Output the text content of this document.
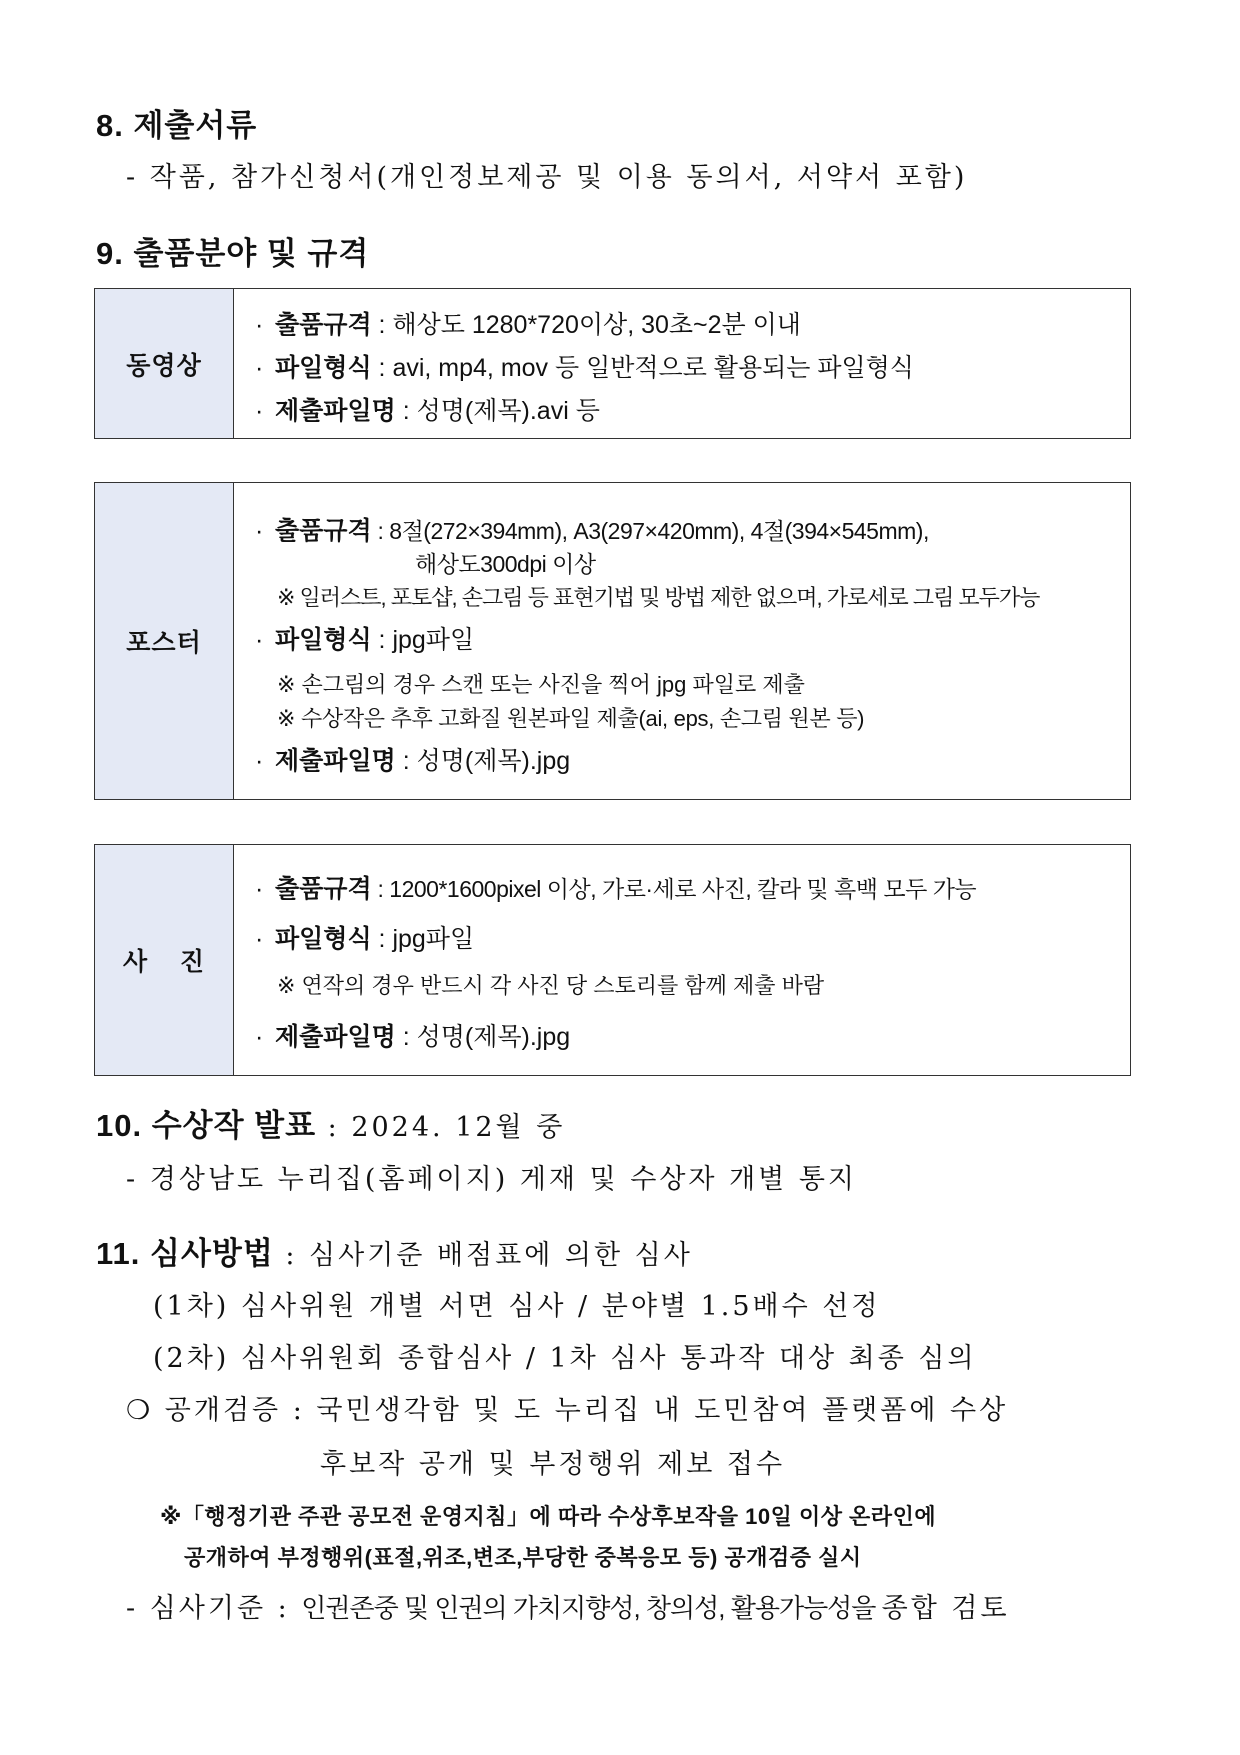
8. 제출서류
- 작품, 참가신청서(개인정보제공 및 이용 동의서, 서약서 포함)
9. 출품분야 및 규격
동영상
· 출품규격 : 해상도 1280*720이상, 30초~2분 이내
· 파일형식 : avi, mp4, mov 등 일반적으로 활용되는 파일형식
· 제출파일명 : 성명(제목).avi 등
포스터
· 출품규격 : 8절(272×394mm), A3(297×420mm), 4절(394×545mm),
해상도300dpi 이상
※ 일러스트, 포토샵, 손그림 등 표현기법 및 방법 제한 없으며, 가로세로 그림 모두가능
· 파일형식 : jpg파일
※ 손그림의 경우 스캔 또는 사진을 찍어 jpg 파일로 제출
※ 수상작은 추후 고화질 원본파일 제출(ai, eps, 손그림 원본 등)
· 제출파일명 : 성명(제목).jpg
사    진
· 출품규격 : 1200*1600pixel 이상, 가로·세로 사진, 칼라 및 흑백 모두 가능
· 파일형식 : jpg파일
※ 연작의 경우 반드시 각 사진 당 스토리를 함께 제출 바람
· 제출파일명 : 성명(제목).jpg
10. 수상작 발표 : 2024. 12월 중
- 경상남도 누리집(홈페이지) 게재 및 수상자 개별 통지
11. 심사방법 : 심사기준 배점표에 의한 심사
(1차) 심사위원 개별 서면 심사 / 분야별 1.5배수 선정
(2차) 심사위원회 종합심사 / 1차 심사 통과작 대상 최종 심의
❍ 공개검증 : 국민생각함 및 도 누리집 내 도민참여 플랫폼에 수상
후보작 공개 및 부정행위 제보 접수
※「행정기관 주관 공모전 운영지침」에 따라 수상후보작을 10일 이상 온라인에
공개하여 부정행위(표절,위조,변조,부당한 중복응모 등) 공개검증 실시
- 심사기준 : 인권존중 및 인권의 가치지향성, 창의성, 활용가능성을 종합 검토
